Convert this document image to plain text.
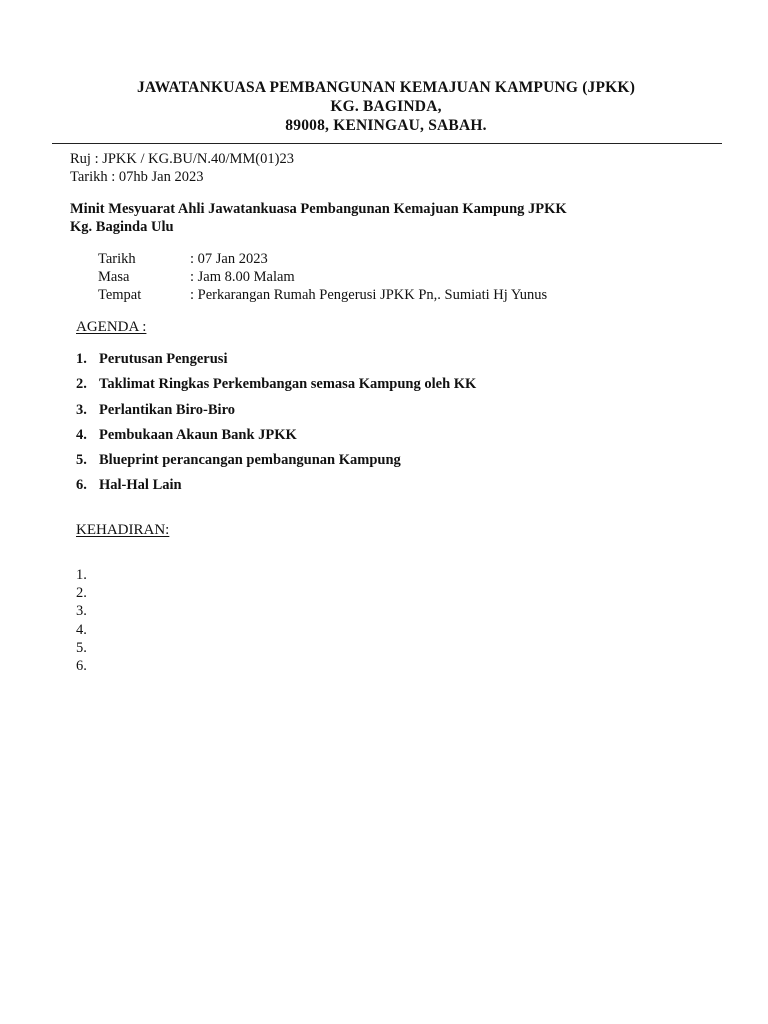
JAWATANKUASA PEMBANGUNAN KEMAJUAN KAMPUNG (JPKK)
KG. BAGINDA,
89008, KENINGAU, SABAH.
Ruj : JPKK / KG.BU/N.40/MM(01)23
Tarikh : 07hb Jan 2023
Minit Mesyuarat Ahli Jawatankuasa Pembangunan Kemajuan Kampung JPKK
Kg. Baginda Ulu
Tarikh	: 07 Jan 2023
Masa	: Jam 8.00 Malam
Tempat	: Perkarangan Rumah Pengerusi JPKK Pn,. Sumiati Hj Yunus
AGENDA :
1. Perutusan Pengerusi
2. Taklimat Ringkas Perkembangan semasa Kampung oleh KK
3. Perlantikan Biro-Biro
4. Pembukaan Akaun Bank JPKK
5. Blueprint perancangan pembangunan Kampung
6. Hal-Hal Lain
KEHADIRAN:
1.
2.
3.
4.
5.
6.
